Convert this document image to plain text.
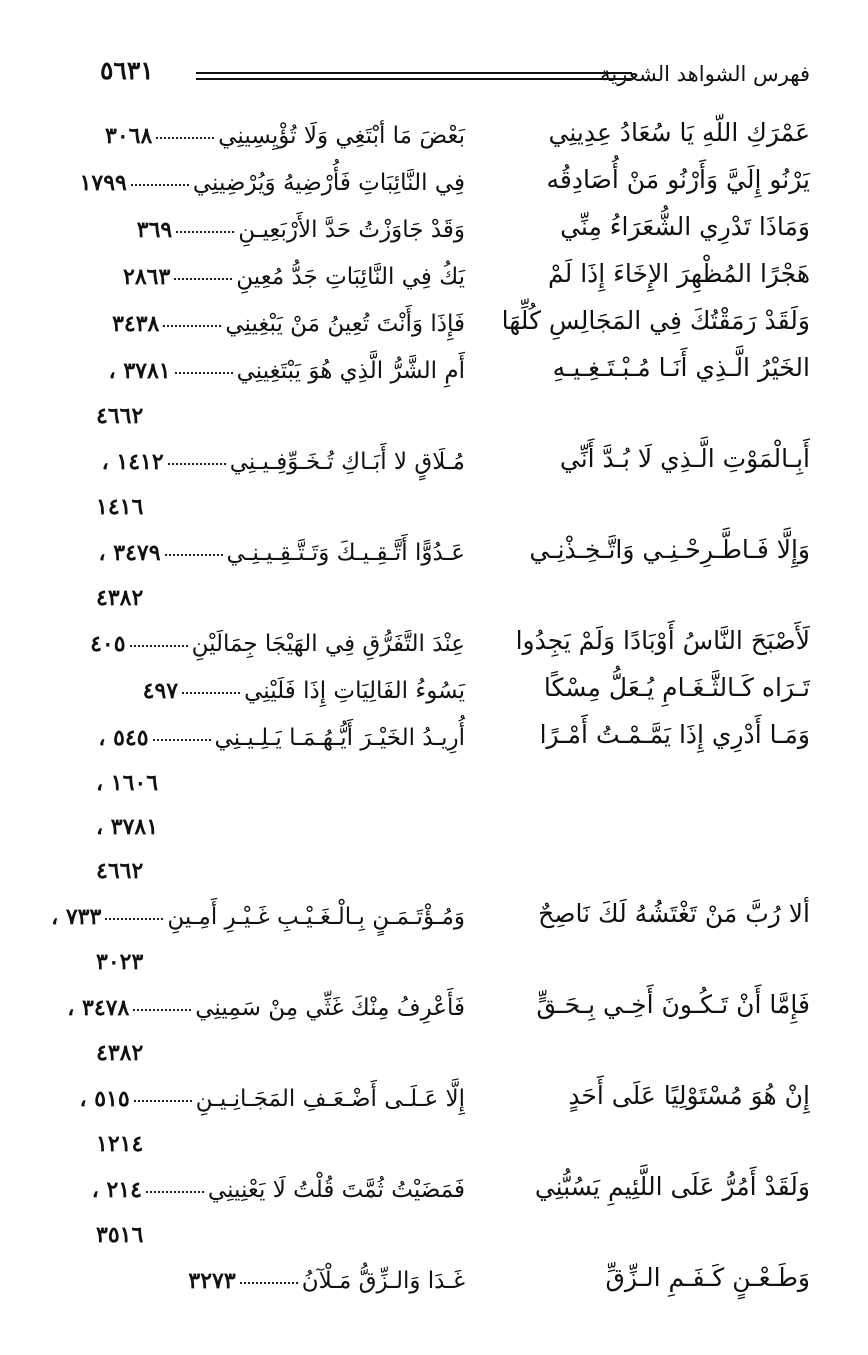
فهرس الشواهد الشعرية
٥٦٣١
عَمْرَكِ اللّهِ يَا سُعَادُ عِدِينِي
بَعْضَ مَا أبْتَغِي وَلَا تُؤْيِسِينِي
٣٠٦٨
يَرْنُو إِلَيَّ وَأَرْنُو مَنْ أُصَادِقُه
فِي النَّائِبَاتِ فَأُرْضِيهُ وَيُرْضِينِي
١٧٩٩
وَمَاذَا تَدْرِي الشُّعَرَاءُ مِنِّي
وَقَدْ جَاوَزْتُ حَدَّ الأَرْبَعِيـنِ
٣٦٩
هَجْرًا المُظْهِرَ الإِخَاءَ إِذَا لَمْ
يَكُ فِي النَّائِبَاتِ جَدُّ مُعِينِ
٢٨٦٣
وَلَقَدْ رَمَقْتُكَ فِي المَجَالِسِ كُلِّهَا
فَإِذَا وَأَنْتَ تُعِينُ مَنْ يَبْغِينِي
٣٤٣٨
الخَيْرُ الَّـذِي أَنَـا مُـبْـتَـغِـيـهِ
أَمِ الشَّرُّ الَّذِي هُوَ يَبْتَغِينِي
٣٧٨١ ،
٤٦٦٢
أَبِـالْمَوْتِ الَّـذِي لَا بُـدَّ أَنِّي
مُـلَاقٍ لا أَبَـاكِ تُـخَـوِّفِـيـنِي
١٤١٢ ،
١٤١٦
وَإِلَّا فَـاطَّـرِحْـنِـي وَاتَّـخِـذْنِـي
عَـدُوًّا أَتَّـقِـيـكَ وَتَـتَّـقِـيـنِـي
٣٤٧٩ ،
٤٣٨٢
لَأَصْبَحَ النَّاسُ أَوْبَادًا وَلَمْ يَجِدُوا
عِنْدَ التَّفَرُّقِ فِي الهَيْجَا جِمَالَيْنِ
٤٠٥
تَـرَاه كَـالثَّـغَـامِ يُـعَلُّ مِسْكًا
يَسُوءُ الفَالِيَاتِ إِذَا فَلَيْنِي
٤٩٧
وَمَـا أَدْرِي إِذَا يَمَّـمْـتُ أَمْـرًا
أُرِيـدُ الخَيْـرَ أَيُّـهُـمَـا يَـلِـيـنِي
٥٤٥ ،
١٦٠٦ ،
٣٧٨١ ،
٤٦٦٢
ألا رُبَّ مَنْ تَغْتَشُهُ لَكَ نَاصِحٌ
وَمُـؤْتَـمَـنٍ بِـالْـغَـيْـبِ غَـيْـرِ أَمِـينِ
٧٣٣ ،
٣٠٢٣
فَإِمَّا أَنْ تَـكُـونَ أَخِـي بِـحَـقٍّ
فَأَعْرِفُ مِنْكَ غَثِّي مِنْ سَمِينِي
٣٤٧٨ ،
٤٣٨٢
إِنْ هُوَ مُسْتَوْلِيًا عَلَى أَحَدٍ
إِلَّا عَـلَـى أَضْـعَـفِ المَجَـانِـيـنِ
٥١٥ ،
١٢١٤
وَلَقَدْ أَمُرُّ عَلَى اللَّئِيمِ يَسُبُّنِي
فَمَضَيْتُ ثُمَّتَ قُلْتُ لَا يَعْنِينِي
٢١٤ ،
٣٥١٦
وَطَـعْـنٍ كَـفَـمِ الـزِّقِّ
غَـدَا وَالـزِّقُّ مَـلْآنُ
٣٢٧٣
